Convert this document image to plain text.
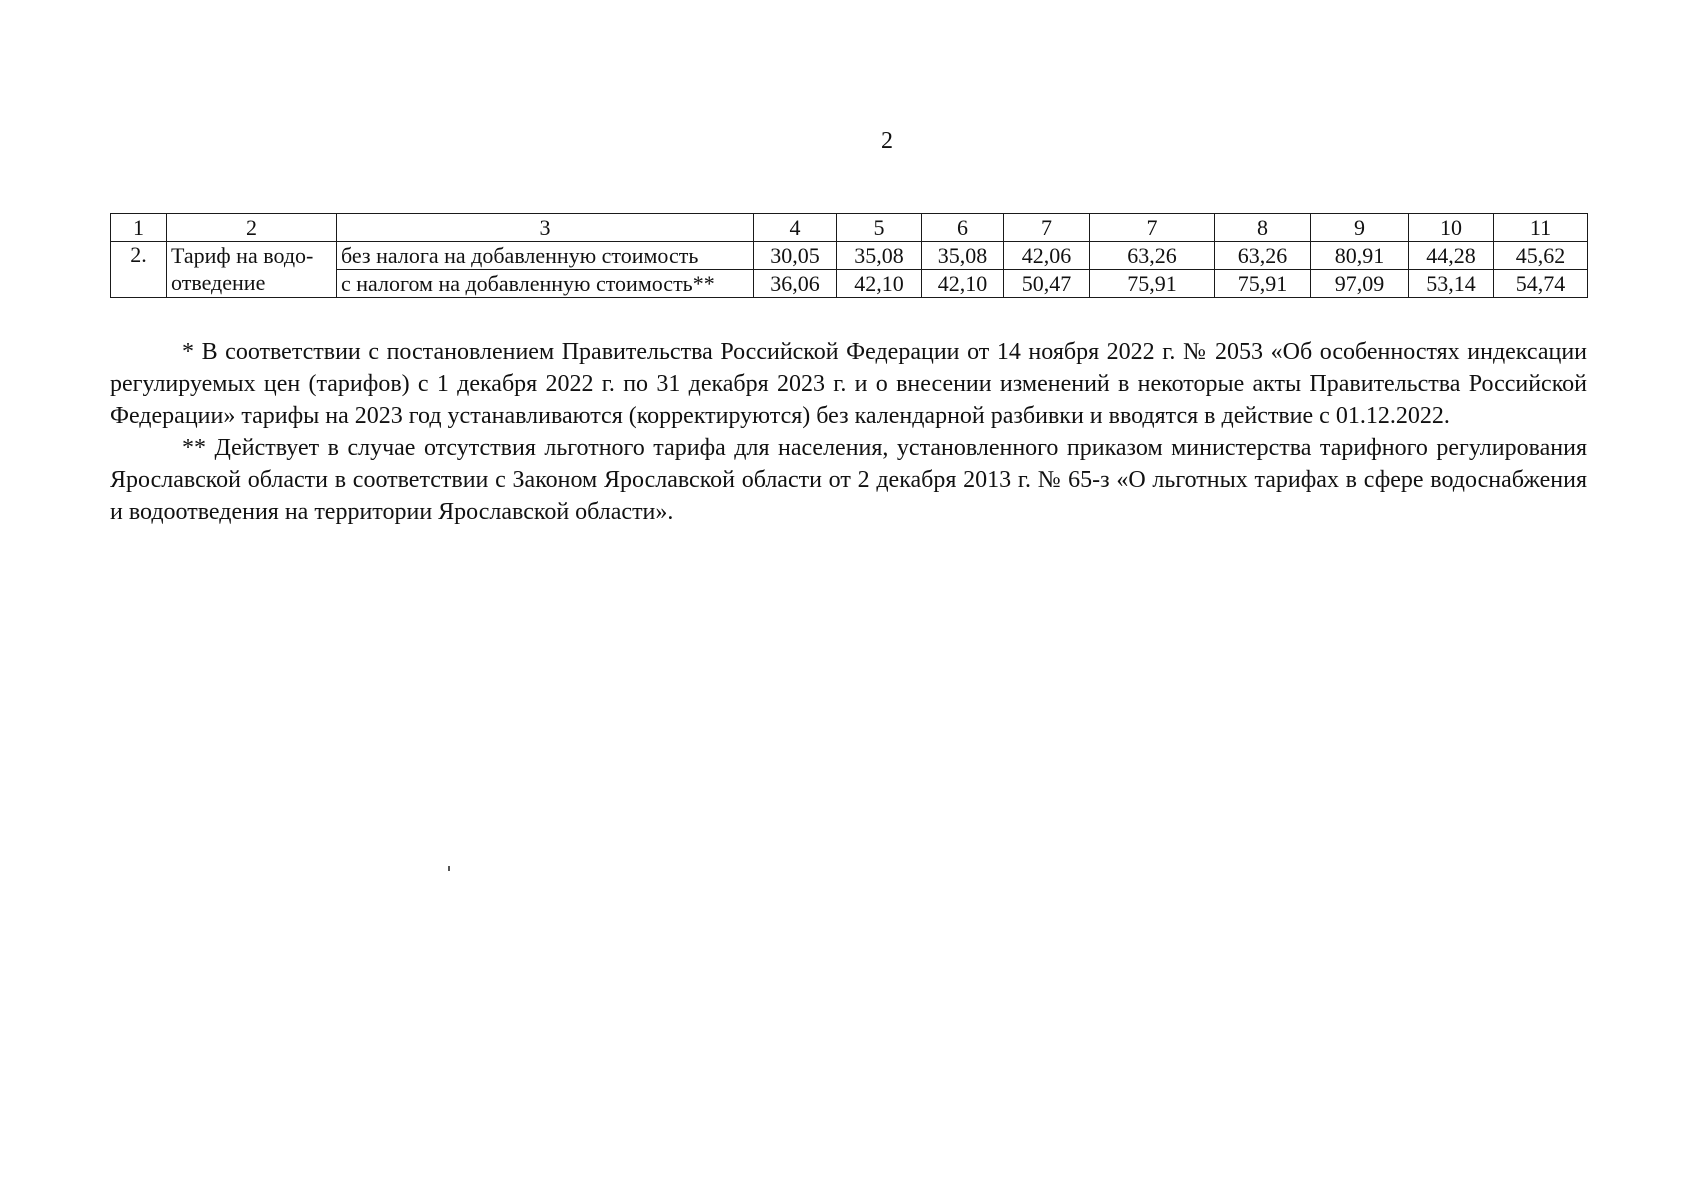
2
1	2	3	4	5	6	7	7	8	9	10	11
2.	Тариф на водо-	без налога на добавленную стоимость	30,05	35,08	35,08	42,06	63,26	63,26	80,91	44,28	45,62
	отведение	с налогом на добавленную стоимость**	36,06	42,10	42,10	50,47	75,91	75,91	97,09	53,14	54,74

* В соответствии с постановлением Правительства Российской Федерации от 14 ноября 2022 г. № 2053 «Об особенностях индексации регулируемых цен (тарифов) с 1 декабря 2022 г. по 31 декабря 2023 г. и о внесении изменений в некоторые акты Правительства Российской Федерации» тарифы на 2023 год устанавливаются (корректируются) без календарной разбивки и вводятся в действие с 01.12.2022.

** Действует в случае отсутствия льготного тарифа для населения, установленного приказом министерства тарифного регулирования Ярославской области в соответствии с Законом Ярославской области от 2 декабря 2013 г. № 65-з «О льготных тарифах в сфере водоснабжения и водоотведения на территории Ярославской области».
